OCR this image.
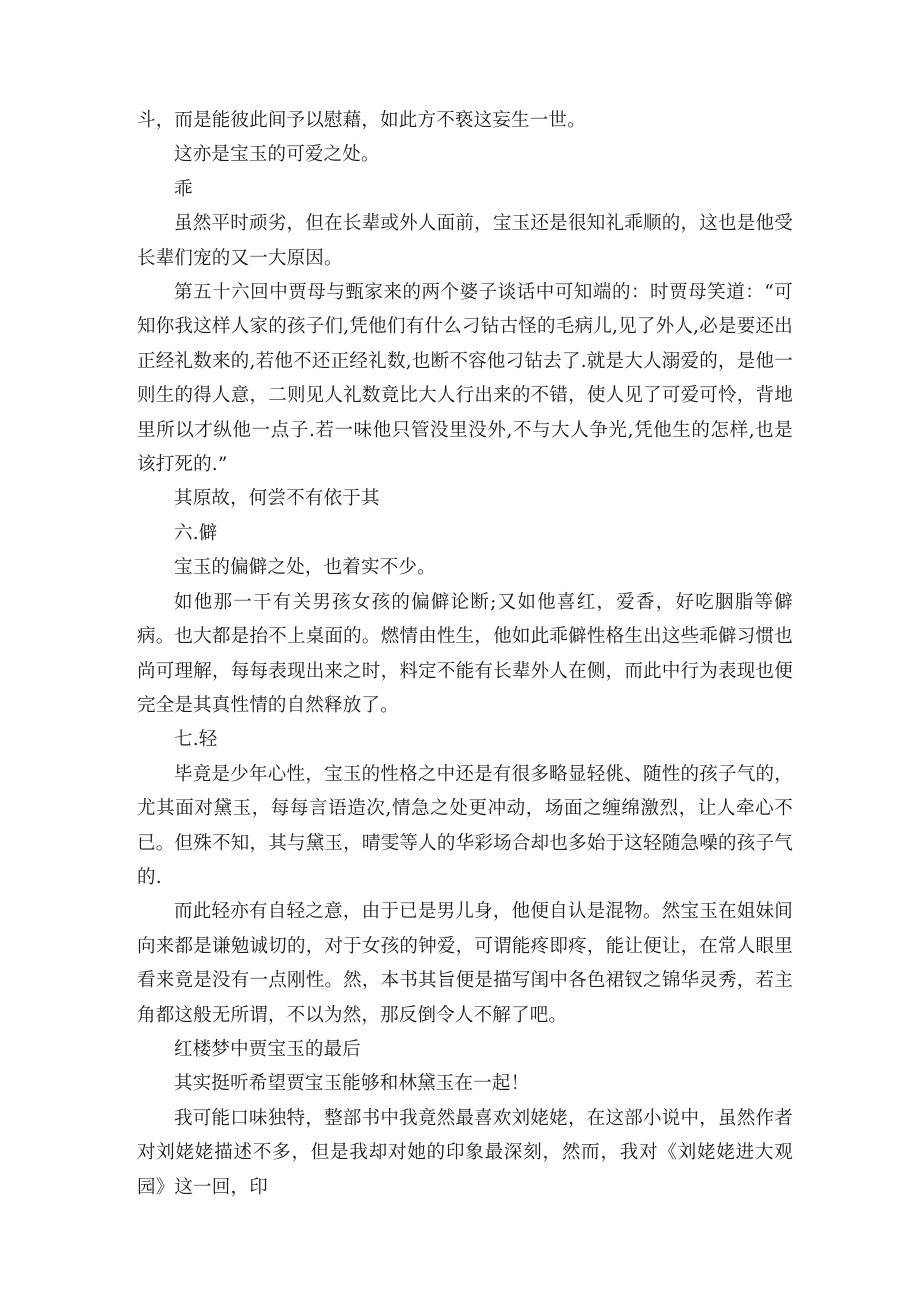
斗，而是能彼此间予以慰藉，如此方不亵这妄生一世。

这亦是宝玉的可爱之处。

乖

虽然平时顽劣，但在长辈或外人面前，宝玉还是很知礼乖顺的，这也是他受长辈们宠的又一大原因。

第五十六回中贾母与甄家来的两个婆子谈话中可知端的：时贾母笑道：“可知你我这样人家的孩子们,凭他们有什么刁钻古怪的毛病儿,见了外人,必是要还出正经礼数来的,若他不还正经礼数,也断不容他刁钻去了.就是大人溺爱的，是他一则生的得人意，二则见人礼数竟比大人行出来的不错，使人见了可爱可怜，背地里所以才纵他一点子.若一味他只管没里没外,不与大人争光,凭他生的怎样,也是该打死的.”

其原故，何尝不有依于其

六.僻

宝玉的偏僻之处，也着实不少。

如他那一干有关男孩女孩的偏僻论断;又如他喜红，爱香，好吃胭脂等僻病。也大都是抬不上桌面的。燃情由性生，他如此乖僻性格生出这些乖僻习惯也尚可理解，每每表现出来之时，料定不能有长辈外人在侧，而此中行为表现也便完全是其真性情的自然释放了。

七.轻

毕竟是少年心性，宝玉的性格之中还是有很多略显轻佻、随性的孩子气的，尤其面对黛玉，每每言语造次,情急之处更冲动，场面之缠绵激烈，让人牵心不已。但殊不知，其与黛玉，晴雯等人的华彩场合却也多始于这轻随急噪的孩子气的.

而此轻亦有自轻之意，由于已是男儿身，他便自认是混物。然宝玉在姐妹间向来都是谦勉诚切的，对于女孩的钟爱，可谓能疼即疼，能让便让，在常人眼里看来竟是没有一点刚性。然，本书其旨便是描写闺中各色裙钗之锦华灵秀，若主角都这般无所谓，不以为然，那反倒令人不解了吧。

红楼梦中贾宝玉的最后

其实挺听希望贾宝玉能够和林黛玉在一起！

我可能口味独特，整部书中我竟然最喜欢刘姥姥，在这部小说中，虽然作者对刘姥姥描述不多，但是我却对她的印象最深刻，然而，我对《刘姥姥进大观园》这一回，印
